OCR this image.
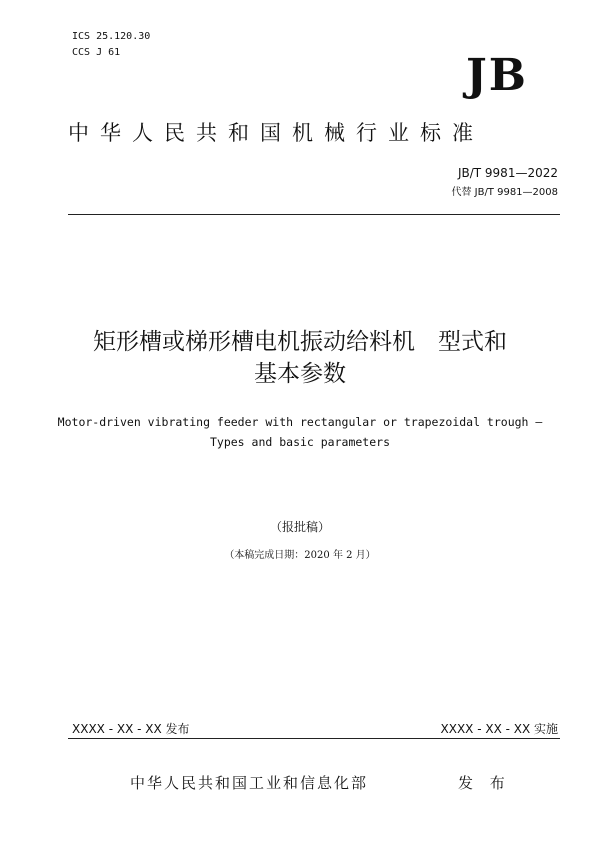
ICS 25.120.30
CCS J 61	JB
中华人民共和国机械行业标准
JB/T 9981—2022
代替 JB/T 9981—2008
矩形槽或梯形槽电机振动给料机　型式和
基本参数
Motor-driven vibrating feeder with rectangular or trapezoidal trough —
Types and basic parameters
（报批稿）
（本稿完成日期：2020 年 2 月）
XXXX - XX - XX 发布	XXXX - XX - XX 实施
中华人民共和国工业和信息化部	发 布
